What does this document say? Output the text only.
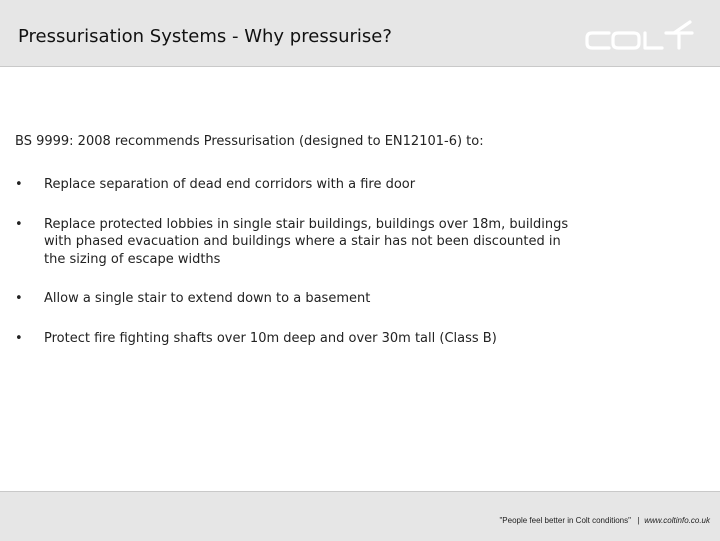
Pressurisation Systems - Why pressurise?
BS 9999: 2008 recommends Pressurisation (designed to EN12101-6) to:
• Replace separation of dead end corridors with a fire door
• Replace protected lobbies in single stair buildings, buildings over 18m, buildings with phased evacuation and buildings where a stair has not been discounted in the sizing of escape widths
• Allow a single stair to extend down to a basement
• Protect fire fighting shafts over 10m deep and over 30m tall (Class B)
"People feel better in Colt conditions" | www.coltinfo.co.uk
